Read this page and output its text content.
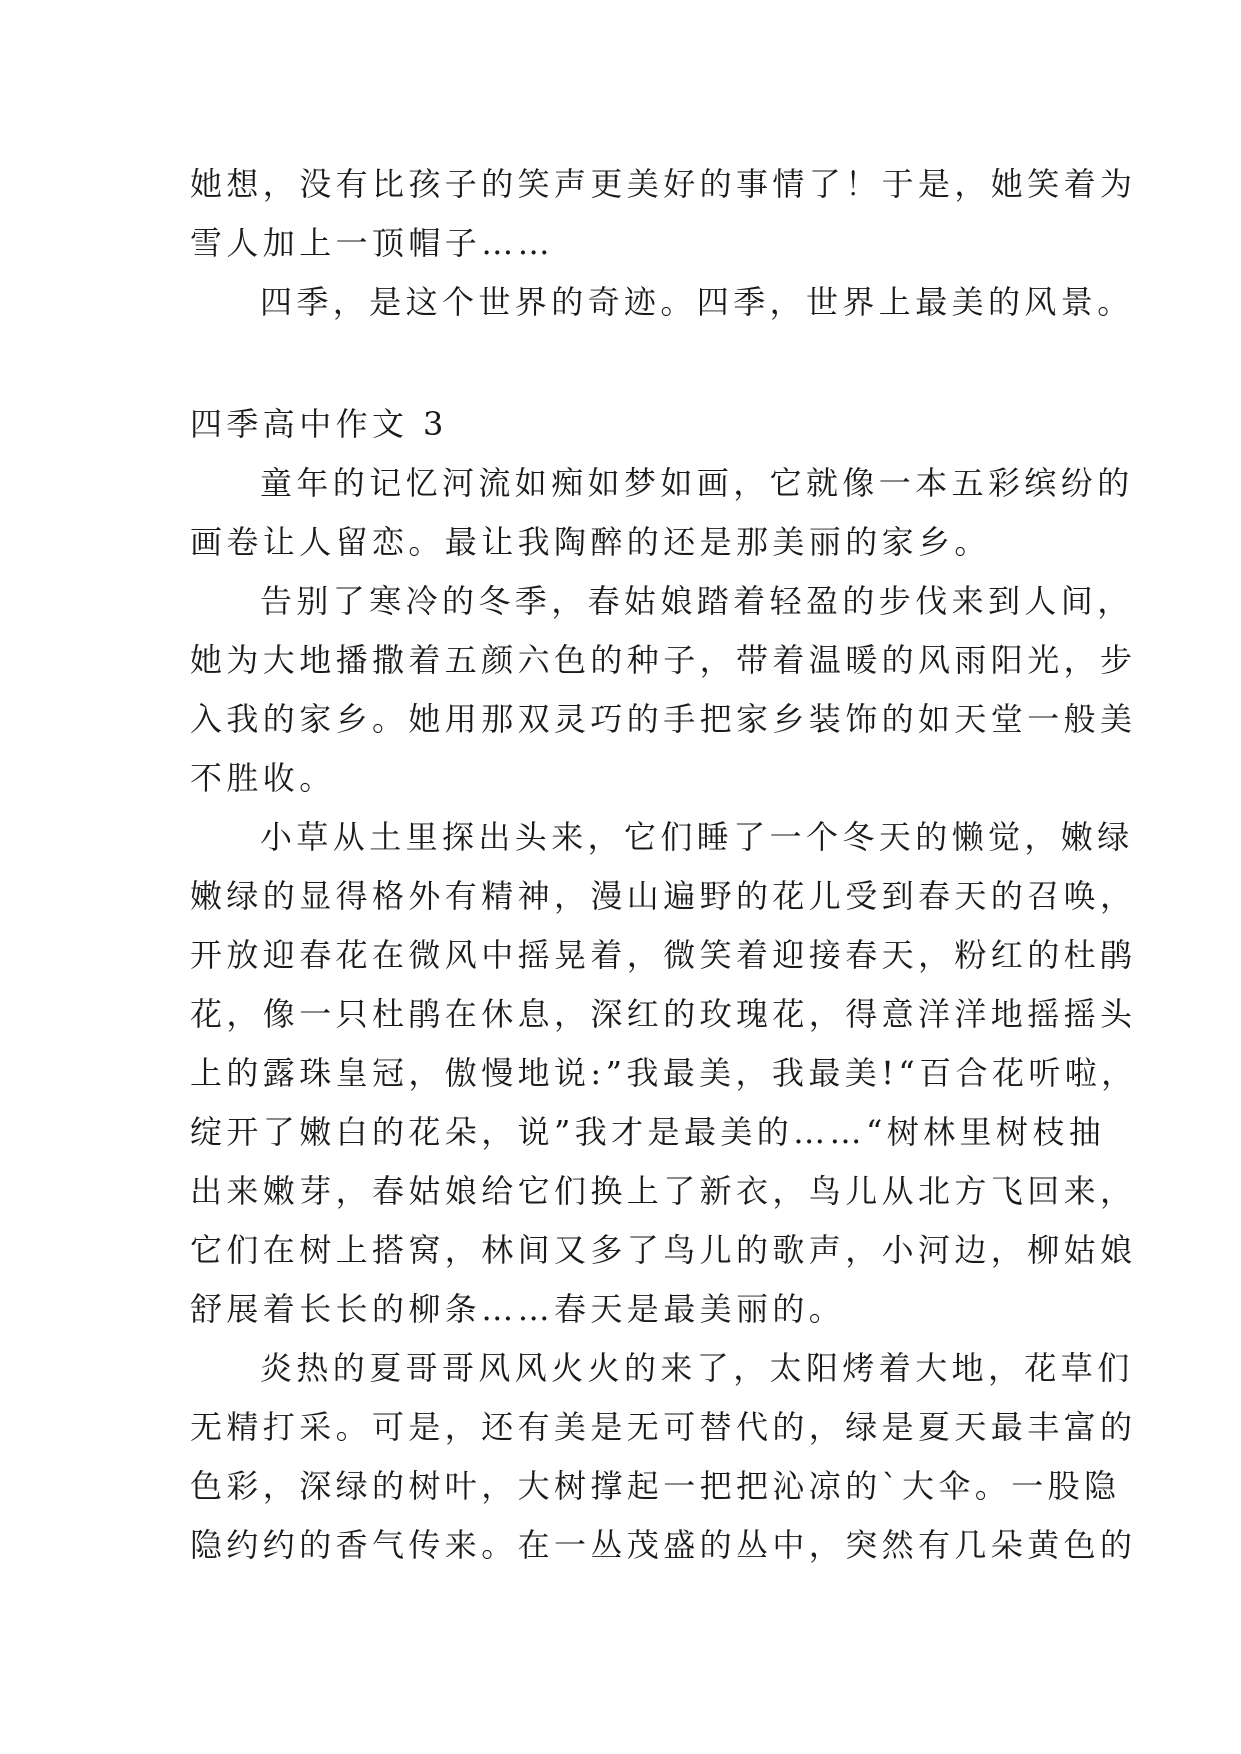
她想，没有比孩子的笑声更美好的事情了！于是，她笑着为
雪人加上一顶帽子……
四季，是这个世界的奇迹。四季，世界上最美的风景。
四季高中作文 3
童年的记忆河流如痴如梦如画，它就像一本五彩缤纷的
画卷让人留恋。最让我陶醉的还是那美丽的家乡。
告别了寒冷的冬季，春姑娘踏着轻盈的步伐来到人间，
她为大地播撒着五颜六色的种子，带着温暖的风雨阳光，步
入我的家乡。她用那双灵巧的手把家乡装饰的如天堂一般美
不胜收。
小草从土里探出头来，它们睡了一个冬天的懒觉，嫩绿
嫩绿的显得格外有精神，漫山遍野的花儿受到春天的召唤，
开放迎春花在微风中摇晃着，微笑着迎接春天，粉红的杜鹃
花，像一只杜鹃在休息，深红的玫瑰花，得意洋洋地摇摇头
上的露珠皇冠，傲慢地说:”我最美，我最美!“百合花听啦，
绽开了嫩白的花朵，说”我才是最美的……“树林里树枝抽
出来嫩芽，春姑娘给它们换上了新衣，鸟儿从北方飞回来，
它们在树上搭窝，林间又多了鸟儿的歌声，小河边，柳姑娘
舒展着长长的柳条……春天是最美丽的。
炎热的夏哥哥风风火火的来了，太阳烤着大地，花草们
无精打采。可是，还有美是无可替代的，绿是夏天最丰富的
色彩，深绿的树叶，大树撑起一把把沁凉的`大伞。一股隐
隐约约的香气传来。在一丛茂盛的丛中，突然有几朵黄色的
